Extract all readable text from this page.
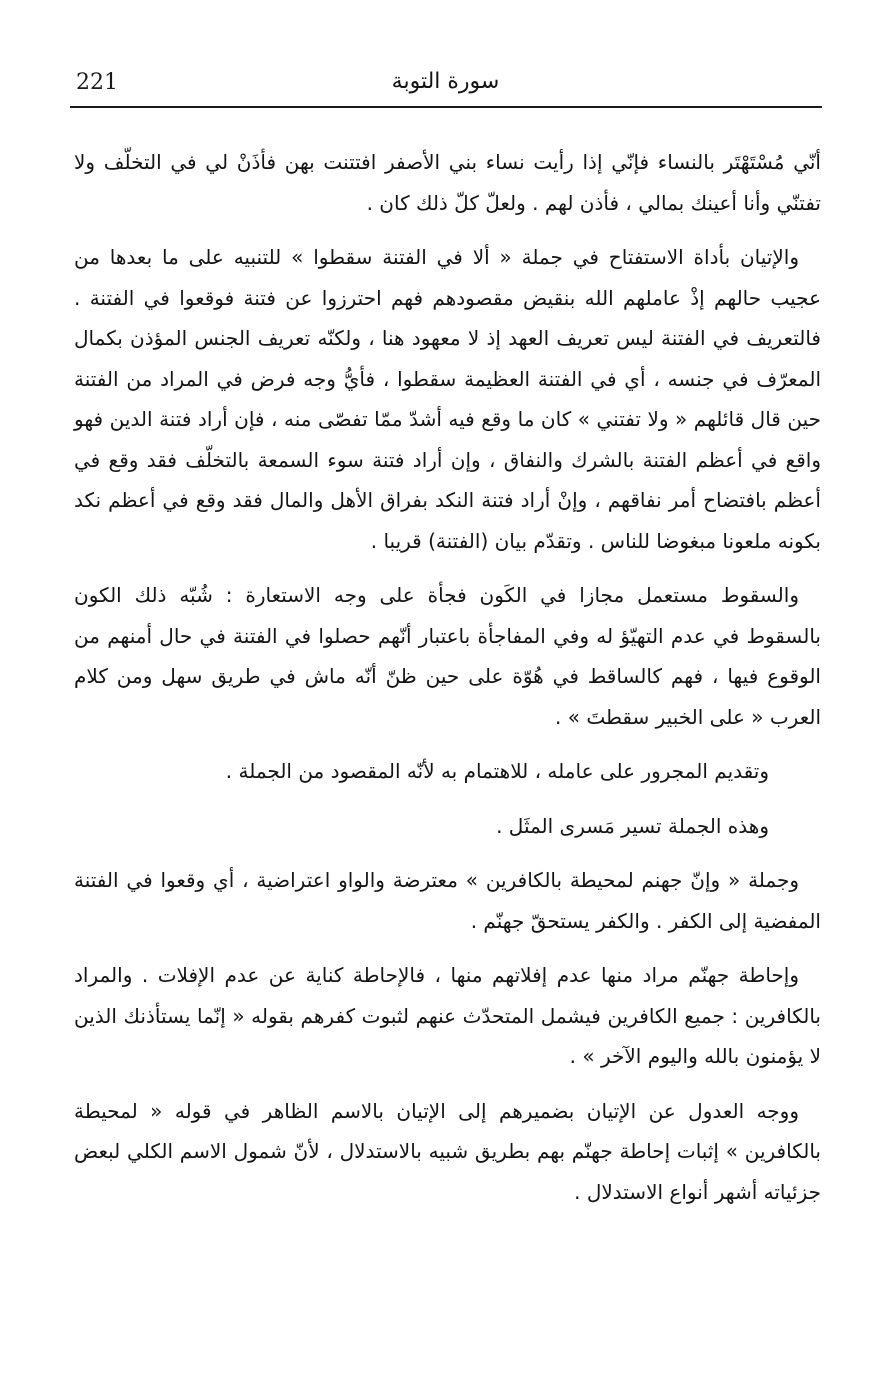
221	سورة التوبة

أنّي مُسْتَهْتَر بالنساء فإنّي إذا رأيت نساء بني الأصفر افتتنت بهن فأذَنْ لي في التخلّف ولا تفتنّي وأنا أعينك بمالي ، فأذن لهم . ولعلّ كلّ ذلك كان .

والإتيان بأداة الاستفتاح في جملة « ألا في الفتنة سقطوا » للتنبيه على ما بعدها من عجيب حالهم إذْ عاملهم الله بنقيض مقصودهم فهم احترزوا عن فتنة فوقعوا في الفتنة . فالتعريف في الفتنة ليس تعريف العهد إذ لا معهود هنا ، ولكنّه تعريف الجنس المؤذن بكمال المعرّف في جنسه ، أي في الفتنة العظيمة سقطوا ، فأيُّ وجه فرض في المراد من الفتنة حين قال قائلهم « ولا تفتني » كان ما وقع فيه أشدّ ممّا تفصّى منه ، فإن أراد فتنة الدين فهو واقع في أعظم الفتنة بالشرك والنفاق ، وإن أراد فتنة سوء السمعة بالتخلّف فقد وقع في أعظم بافتضاح أمر نفاقهم ، وإنْ أراد فتنة النكد بفراق الأهل والمال فقد وقع في أعظم نكد بكونه ملعونا مبغوضا للناس . وتقدّم بيان (الفتنة) قريبا .

والسقوط مستعمل مجازا في الكَون فجأة على وجه الاستعارة : شُبّه ذلك الكون بالسقوط في عدم التهيّؤ له وفي المفاجأة باعتبار أنّهم حصلوا في الفتنة في حال أمنهم من الوقوع فيها ، فهم كالساقط في هُوّة على حين ظنّ أنّه ماش في طريق سهل ومن كلام العرب « على الخبير سقطتَ » .

وتقديم المجرور على عامله ، للاهتمام به لأنّه المقصود من الجملة .

وهذه الجملة تسير مَسرى المثَل .

وجملة « وإنّ جهنم لمحيطة بالكافرين » معترضة والواو اعتراضية ، أي وقعوا في الفتنة المفضية إلى الكفر . والكفر يستحقّ جهنّم .

وإحاطة جهنّم مراد منها عدم إفلاتهم منها ، فالإحاطة كناية عن عدم الإفلات . والمراد بالكافرين : جميع الكافرين فيشمل المتحدّث عنهم لثبوت كفرهم بقوله « إنّما يستأذنك الذين لا يؤمنون بالله واليوم الآخر » .

ووجه العدول عن الإتيان بضميرهم إلى الإتيان بالاسم الظاهر في قوله « لمحيطة بالكافرين » إثبات إحاطة جهنّم بهم بطريق شبيه بالاستدلال ، لأنّ شمول الاسم الكلي لبعض جزئياته أشهر أنواع الاستدلال .
